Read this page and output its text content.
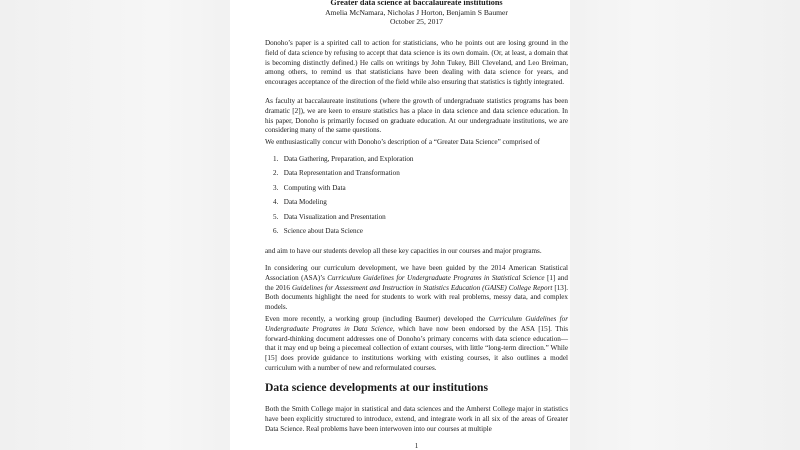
Greater data science at baccalaureate institutions
Amelia McNamara, Nicholas J Horton, Benjamin S Baumer
October 25, 2017

Donoho’s paper is a spirited call to action for statisticians, who he points out are losing ground in the field of data science by refusing to accept that data science is its own domain. (Or, at least, a domain that is becoming distinctly defined.) He calls on writings by John Tukey, Bill Cleveland, and Leo Breiman, among others, to remind us that statisticians have been dealing with data science for years, and encourages acceptance of the direction of the field while also ensuring that statistics is tightly integrated.

As faculty at baccalaureate institutions (where the growth of undergraduate statistics programs has been dramatic [2]), we are keen to ensure statistics has a place in data science and data science education. In his paper, Donoho is primarily focused on graduate education. At our undergraduate institutions, we are considering many of the same questions.

We enthusiastically concur with Donoho’s description of a “Greater Data Science” comprised of

1. Data Gathering, Preparation, and Exploration
2. Data Representation and Transformation
3. Computing with Data
4. Data Modeling
5. Data Visualization and Presentation
6. Science about Data Science

and aim to have our students develop all these key capacities in our courses and major programs.

In considering our curriculum development, we have been guided by the 2014 American Statistical Association (ASA)’s Curriculum Guidelines for Undergraduate Programs in Statistical Science [1] and the 2016 Guidelines for Assessment and Instruction in Statistics Education (GAISE) College Report [13]. Both documents highlight the need for students to work with real problems, messy data, and complex models.

Even more recently, a working group (including Baumer) developed the Curriculum Guidelines for Undergraduate Programs in Data Science, which have now been endorsed by the ASA [15]. This forward-thinking document addresses one of Donoho’s primary concerns with data science education—that it may end up being a piecemeal collection of extant courses, with little “long-term direction.” While [15] does provide guidance to institutions working with existing courses, it also outlines a model curriculum with a number of new and reformulated courses.

Data science developments at our institutions

Both the Smith College major in statistical and data sciences and the Amherst College major in statistics have been explicitly structured to introduce, extend, and integrate work in all six of the areas of Greater Data Science. Real problems have been interwoven into our courses at multiple

1
